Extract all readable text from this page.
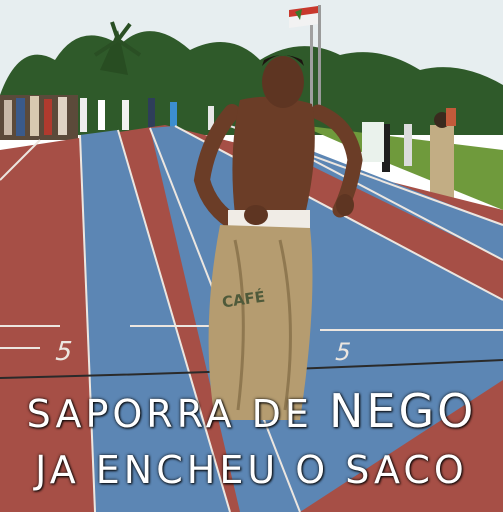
5	5
CAFÉ
SAPORRA DE NEGO
JA ENCHEU O SACO
